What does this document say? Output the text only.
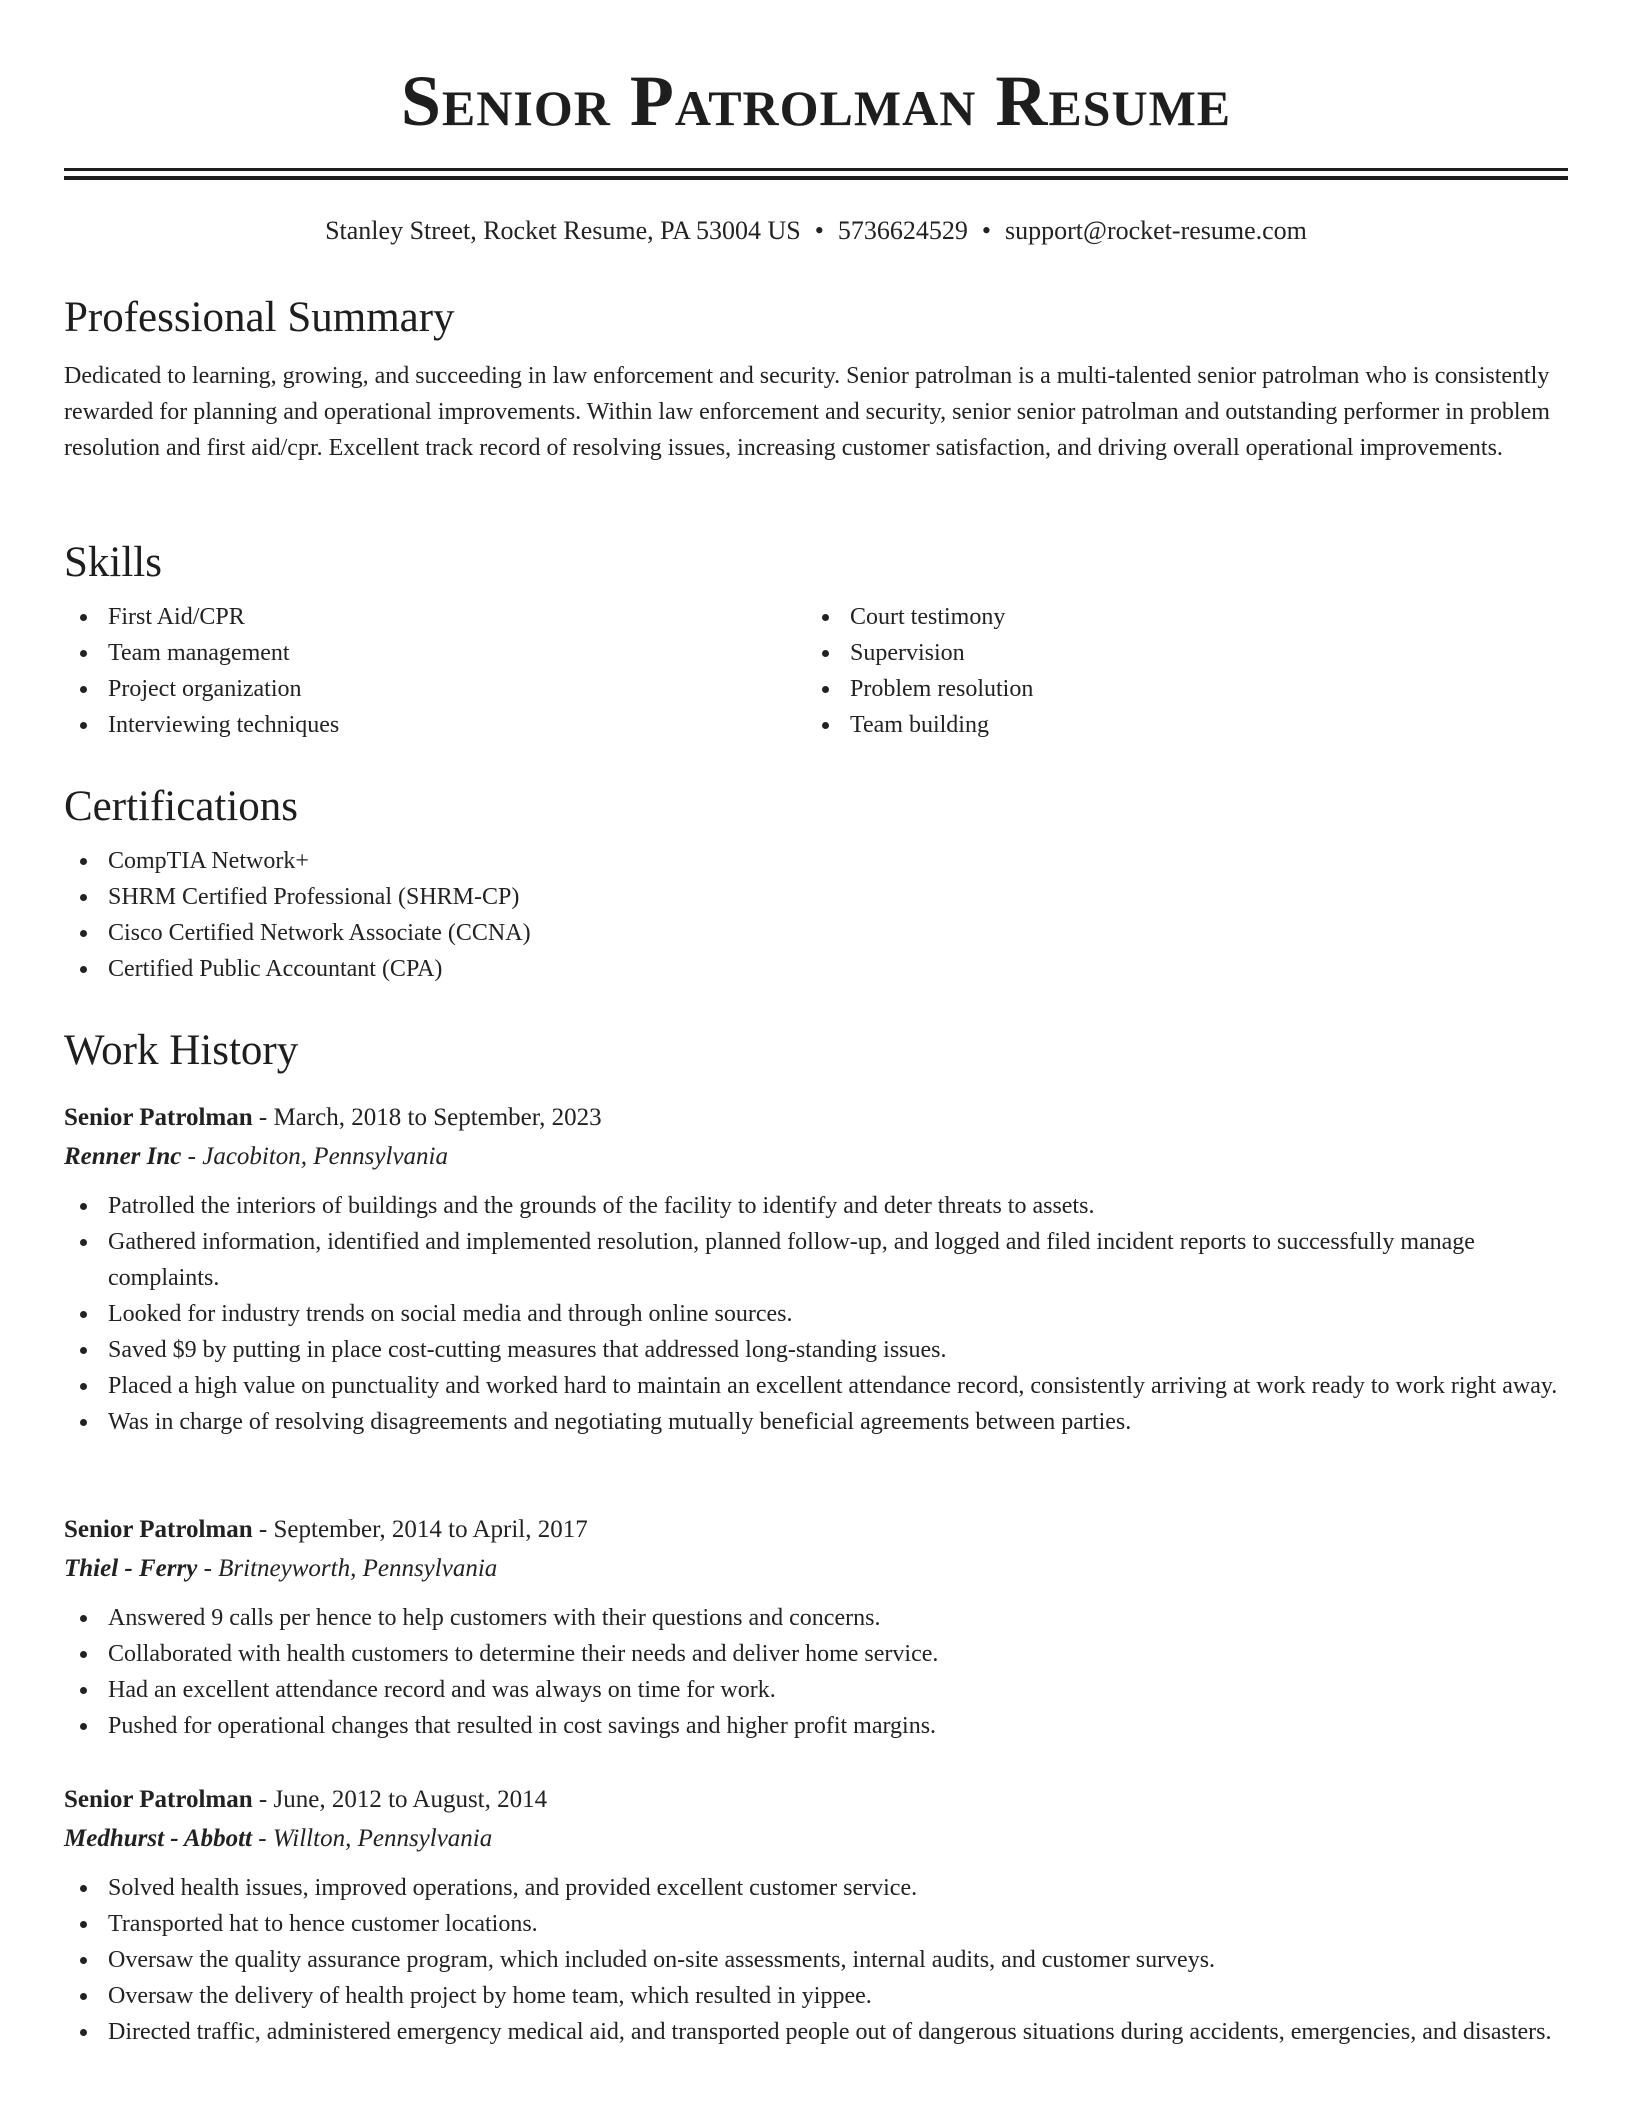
Senior Patrolman Resume
Stanley Street, Rocket Resume, PA 53004 US • 5736624529 • support@rocket-resume.com
Professional Summary

Dedicated to learning, growing, and succeeding in law enforcement and security. Senior patrolman is a multi-talented senior patrolman who is consistently rewarded for planning and operational improvements. Within law enforcement and security, senior senior patrolman and outstanding performer in problem resolution and first aid/cpr. Excellent track record of resolving issues, increasing customer satisfaction, and driving overall operational improvements.

Skills
First Aid/CPR
Team management
Project organization
Interviewing techniques
Court testimony
Supervision
Problem resolution
Team building
Certifications
CompTIA Network+
SHRM Certified Professional (SHRM-CP)
Cisco Certified Network Associate (CCNA)
Certified Public Accountant (CPA)
Work History
Senior Patrolman - March, 2018 to September, 2023
Renner Inc - Jacobiton, Pennsylvania
Patrolled the interiors of buildings and the grounds of the facility to identify and deter threats to assets.
Gathered information, identified and implemented resolution, planned follow-up, and logged and filed incident reports to successfully manage complaints.
Looked for industry trends on social media and through online sources.
Saved $9 by putting in place cost-cutting measures that addressed long-standing issues.
Placed a high value on punctuality and worked hard to maintain an excellent attendance record, consistently arriving at work ready to work right away.
Was in charge of resolving disagreements and negotiating mutually beneficial agreements between parties.
Senior Patrolman - September, 2014 to April, 2017
Thiel - Ferry - Britneyworth, Pennsylvania
Answered 9 calls per hence to help customers with their questions and concerns.
Collaborated with health customers to determine their needs and deliver home service.
Had an excellent attendance record and was always on time for work.
Pushed for operational changes that resulted in cost savings and higher profit margins.
Senior Patrolman - June, 2012 to August, 2014
Medhurst - Abbott - Willton, Pennsylvania
Solved health issues, improved operations, and provided excellent customer service.
Transported hat to hence customer locations.
Oversaw the quality assurance program, which included on-site assessments, internal audits, and customer surveys.
Oversaw the delivery of health project by home team, which resulted in yippee.
Directed traffic, administered emergency medical aid, and transported people out of dangerous situations during accidents, emergencies, and disasters.
